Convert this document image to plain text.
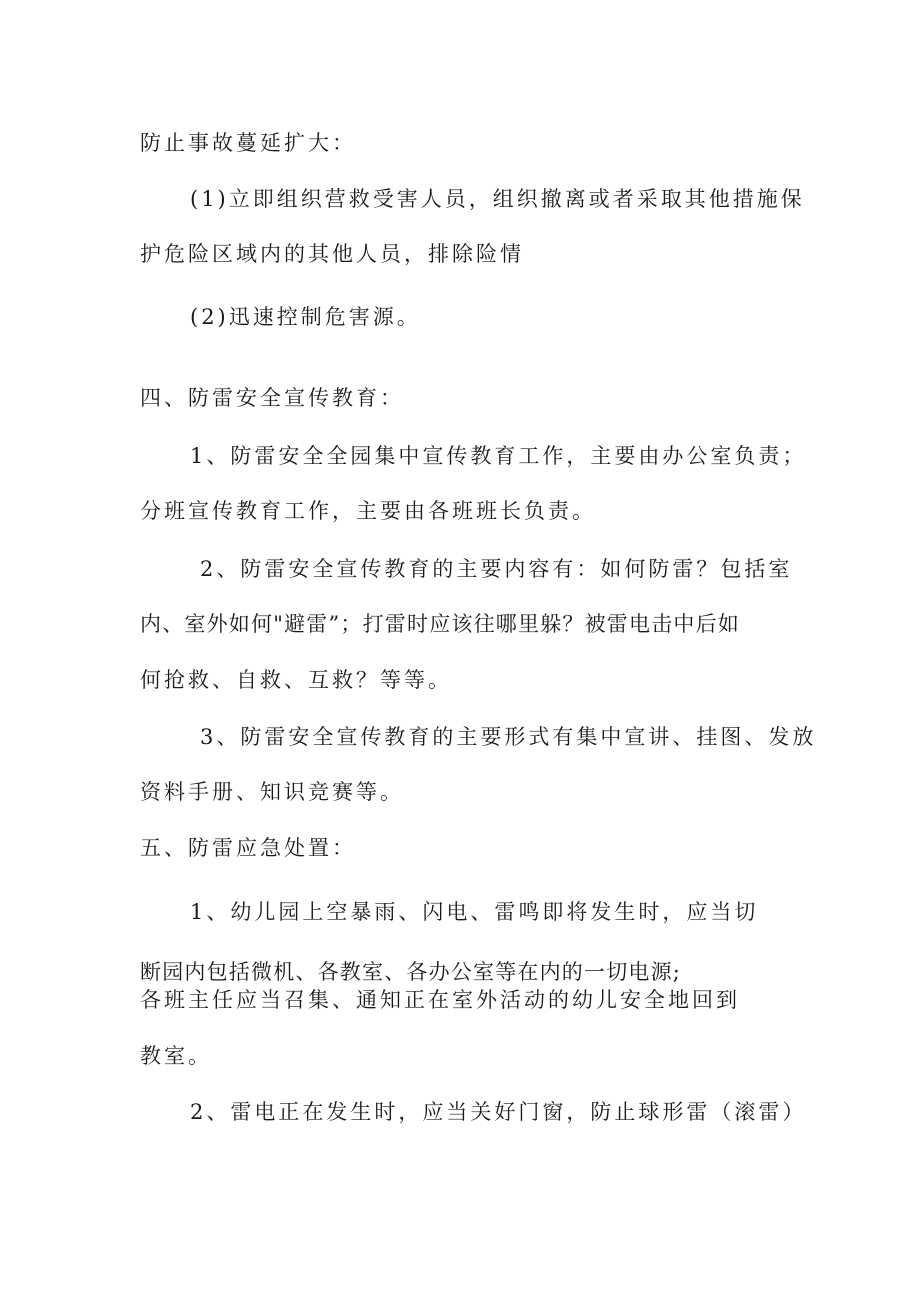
防止事故蔓延扩大：
(1)立即组织营救受害人员，组织撤离或者采取其他措施保
护危险区域内的其他人员，排除险情
(2)迅速控制危害源。
四、防雷安全宣传教育：
1、防雷安全全园集中宣传教育工作，主要由办公室负责；
分班宣传教育工作，主要由各班班长负责。
2、防雷安全宣传教育的主要内容有：如何防雷？包括室
内、室外如何"避雷”；打雷时应该往哪里躲？被雷电击中后如
何抢救、自救、互救？等等。
3、防雷安全宣传教育的主要形式有集中宣讲、挂图、发放
资料手册、知识竞赛等。
五、防雷应急处置：
1、幼儿园上空暴雨、闪电、雷鸣即将发生时，应当切
断园内包括微机、各教室、各办公室等在内的一切电源;
各班主任应当召集、通知正在室外活动的幼儿安全地回到
教室。
2、雷电正在发生时，应当关好门窗，防止球形雷（滚雷）
